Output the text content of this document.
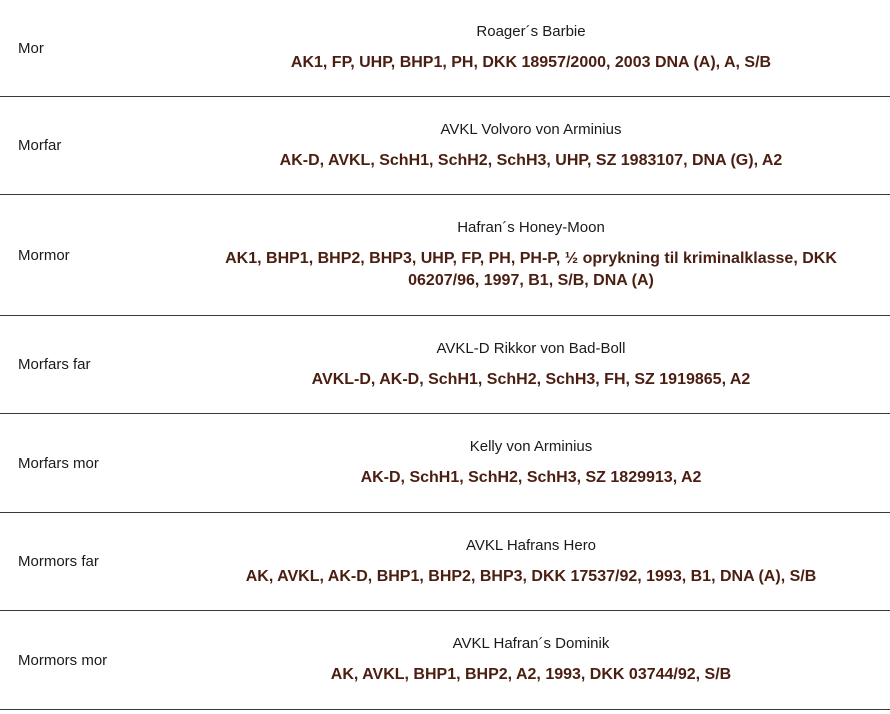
Mor	Roager´s Barbie
AK1, FP, UHP, BHP1, PH, DKK 18957/2000, 2003 DNA (A), A, S/B

Morfar	AVKL Volvoro von Arminius
AK-D, AVKL, SchH1, SchH2, SchH3, UHP, SZ 1983107, DNA (G), A2

Mormor	Hafran´s Honey-Moon
AK1, BHP1, BHP2, BHP3, UHP, FP, PH, PH-P, ½ oprykning til kriminalklasse, DKK 06207/96, 1997, B1, S/B, DNA (A)

Morfars far	AVKL-D Rikkor von Bad-Boll
AVKL-D, AK-D, SchH1, SchH2, SchH3, FH, SZ 1919865, A2

Morfars mor	Kelly von Arminius
AK-D, SchH1, SchH2, SchH3, SZ 1829913, A2

Mormors far	AVKL Hafrans Hero
AK, AVKL, AK-D, BHP1, BHP2, BHP3, DKK 17537/92, 1993, B1, DNA (A), S/B

Mormors mor	AVKL Hafran´s Dominik
AK, AVKL, BHP1, BHP2, A2, 1993, DKK 03744/92, S/B
